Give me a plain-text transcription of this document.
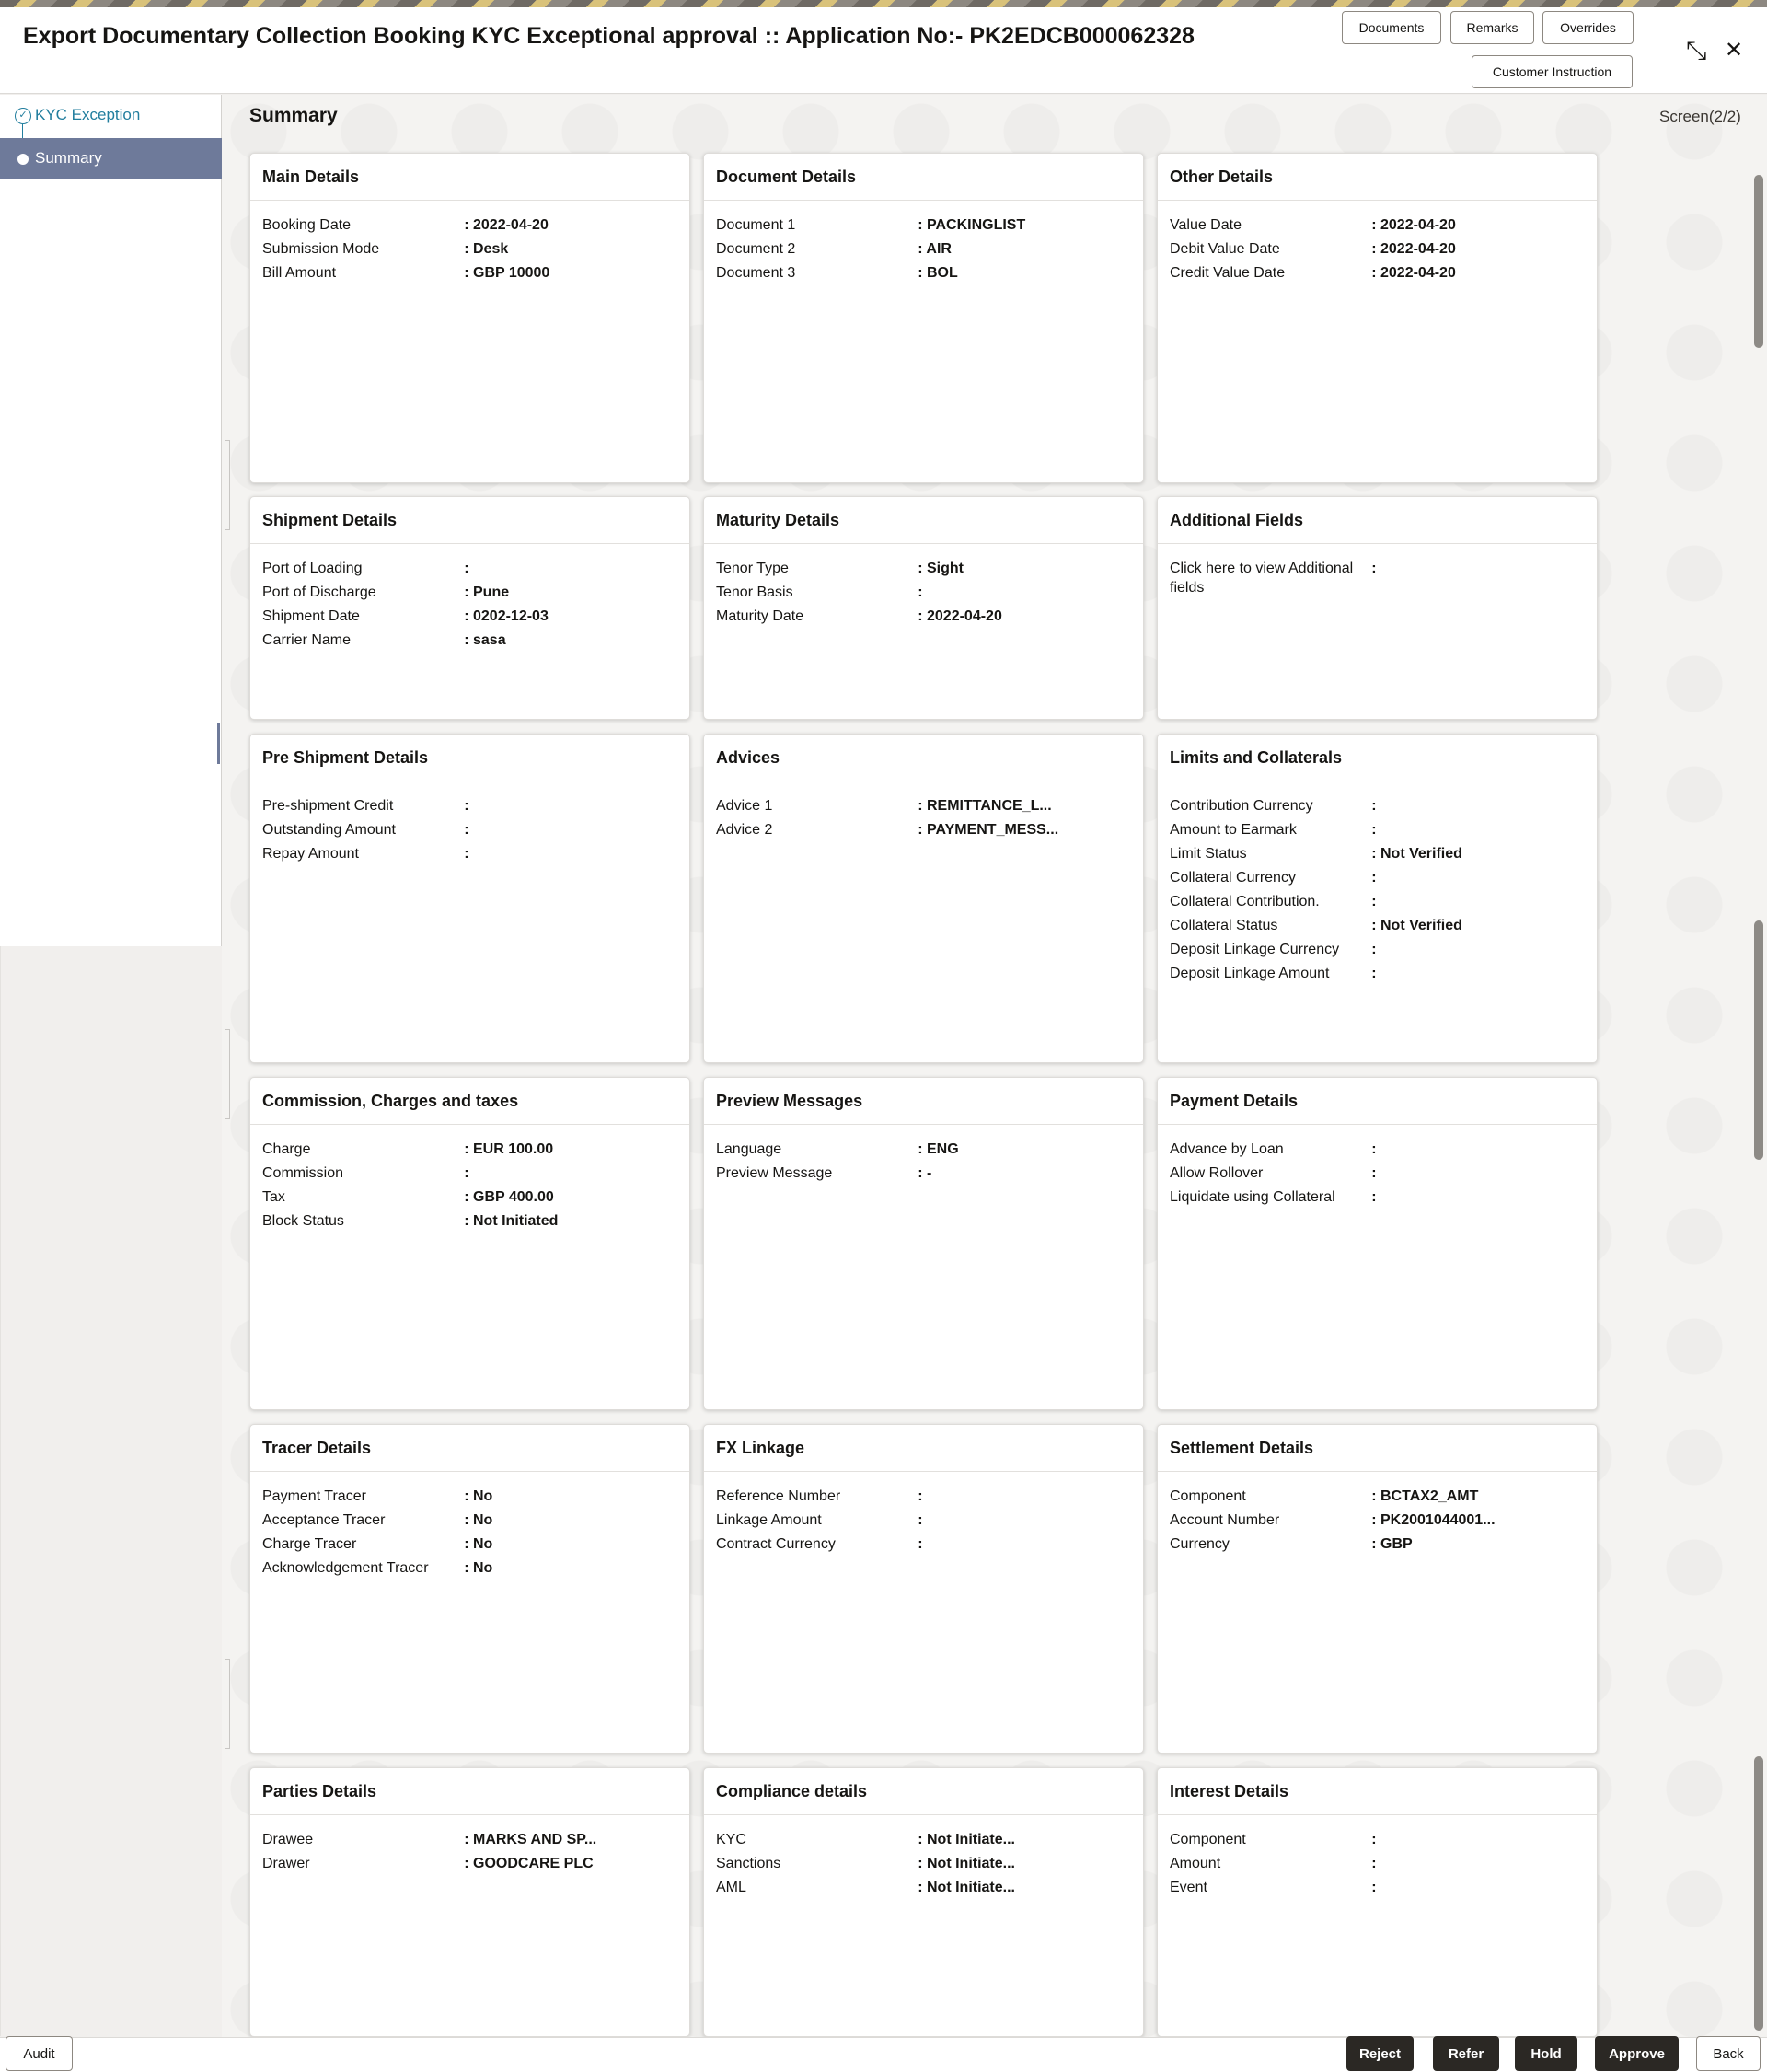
Export Documentary Collection Booking KYC Exceptional approval :: Application No:- PK2EDCB000062328	Documents	Remarks	Overrides
Customer Instruction
⤡ ✕
✓ KYC Exception
Summary
Summary	Screen(2/2)
Main Details
Booking Date	: 2022-04-20
Submission Mode	: Desk
Bill Amount	: GBP 10000
Document Details
Document 1	: PACKINGLIST
Document 2	: AIR
Document 3	: BOL
Other Details
Value Date	: 2022-04-20
Debit Value Date	: 2022-04-20
Credit Value Date	: 2022-04-20
Shipment Details
Port of Loading	:
Port of Discharge	: Pune
Shipment Date	: 0202-12-03
Carrier Name	: sasa
Maturity Details
Tenor Type	: Sight
Tenor Basis	:
Maturity Date	: 2022-04-20
Additional Fields
Click here to view Additional fields
:
Pre Shipment Details
Pre-shipment Credit	:
Outstanding Amount	:
Repay Amount	:
Advices
Advice 1	: REMITTANCE_L...
Advice 2	: PAYMENT_MESS...
Limits and Collaterals
Contribution Currency	:
Amount to Earmark	:
Limit Status	: Not Verified
Collateral Currency	:
Collateral Contribution.	:
Collateral Status	: Not Verified
Deposit Linkage Currency	:
Deposit Linkage Amount	:
Commission, Charges and taxes
Charge	: EUR 100.00
Commission	:
Tax	: GBP 400.00
Block Status	: Not Initiated
Preview Messages
Language	: ENG
Preview Message	: -
Payment Details
Advance by Loan	:
Allow Rollover	:
Liquidate using Collateral	:
Tracer Details
Payment Tracer	: No
Acceptance Tracer	: No
Charge Tracer	: No
Acknowledgement Tracer	: No
FX Linkage
Reference Number	:
Linkage Amount	:
Contract Currency	:
Settlement Details
Component	: BCTAX2_AMT
Account Number	: PK2001044001...
Currency	: GBP
Parties Details
Drawee	: MARKS AND SP...
Drawer	: GOODCARE PLC
Compliance details
KYC	: Not Initiate...
Sanctions	: Not Initiate...
AML	: Not Initiate...
Interest Details
Component	:
Amount	:
Event	:
Audit	Reject	Refer	Hold	Approve	Back
